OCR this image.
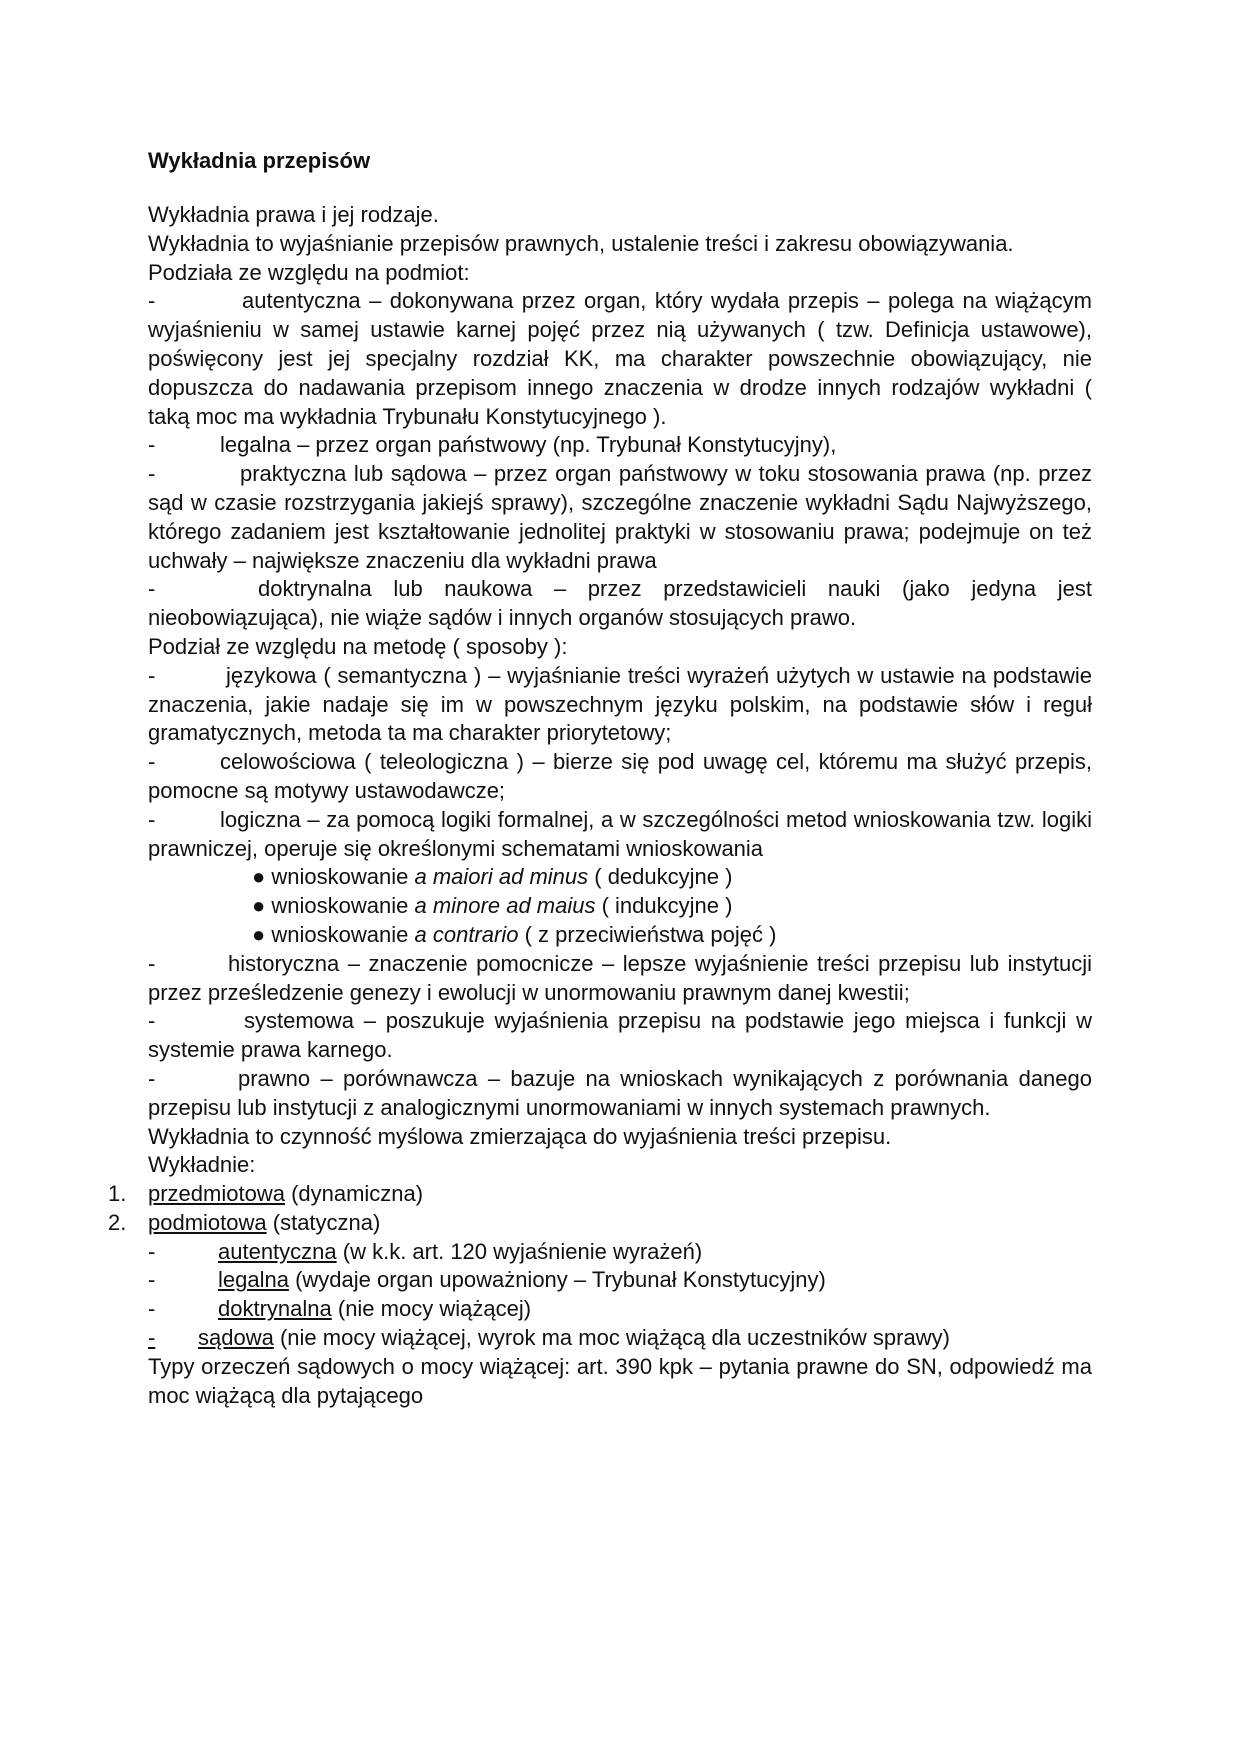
Wykładnia przepisów

Wykładnia prawa i jej rodzaje.

Wykładnia to wyjaśnianie przepisów prawnych, ustalenie treści i zakresu obowiązywania.

Podziała ze względu na podmiot:

-	autentyczna – dokonywana przez organ, który wydała przepis – polega na wiążącym wyjaśnieniu w samej ustawie karnej pojęć przez nią używanych ( tzw. Definicja ustawowe), poświęcony jest jej specjalny rozdział KK, ma charakter powszechnie obowiązujący, nie dopuszcza do nadawania przepisom innego znaczenia w drodze innych rodzajów wykładni ( taką moc ma wykładnia Trybunału Konstytucyjnego ).

-	legalna – przez organ państwowy (np. Trybunał Konstytucyjny),

-	praktyczna lub sądowa – przez organ państwowy w toku stosowania prawa (np. przez sąd w czasie rozstrzygania jakiejś sprawy), szczególne znaczenie wykładni Sądu Najwyższego, którego zadaniem jest kształtowanie jednolitej praktyki w stosowaniu prawa; podejmuje on też uchwały – największe znaczeniu dla wykładni prawa

-	doktrynalna lub naukowa – przez przedstawicieli nauki (jako jedyna jest nieobowiązująca), nie wiąże sądów i innych organów stosujących prawo.

Podział ze względu na metodę ( sposoby ):

-	językowa ( semantyczna ) – wyjaśnianie treści wyrażeń użytych w ustawie na podstawie znaczenia, jakie nadaje się im w powszechnym języku polskim, na podstawie słów i reguł gramatycznych, metoda ta ma charakter priorytetowy;

-	celowościowa ( teleologiczna ) – bierze się pod uwagę cel, któremu ma służyć przepis, pomocne są motywy ustawodawcze;

-	logiczna – za pomocą logiki formalnej, a w szczególności metod wnioskowania tzw. logiki prawniczej, operuje się określonymi schematami wnioskowania

● wnioskowanie a maiori ad minus ( dedukcyjne )

● wnioskowanie a minore ad maius ( indukcyjne )

● wnioskowanie a contrario ( z przeciwieństwa pojęć )

-	historyczna – znaczenie pomocnicze – lepsze wyjaśnienie treści przepisu lub instytucji przez prześledzenie genezy i ewolucji w unormowaniu prawnym danej kwestii;

-	systemowa – poszukuje wyjaśnienia przepisu na podstawie jego miejsca i funkcji w systemie prawa karnego.

-	prawno – porównawcza – bazuje na wnioskach wynikających z porównania danego przepisu lub instytucji z analogicznymi unormowaniami w innych systemach prawnych.

Wykładnia to czynność myślowa zmierzająca do wyjaśnienia treści przepisu.

Wykładnie:

1. przedmiotowa (dynamiczna)

2. podmiotowa (statyczna)

-	autentyczna (w k.k. art. 120 wyjaśnienie wyrażeń)

-	legalna (wydaje organ upoważniony – Trybunał Konstytucyjny)

-	doktrynalna (nie mocy wiążącej)

- sądowa (nie mocy wiążącej, wyrok ma moc wiążącą dla uczestników sprawy)

Typy orzeczeń sądowych o mocy wiążącej: art. 390 kpk – pytania prawne do SN, odpowiedź ma moc wiążącą dla pytającego
